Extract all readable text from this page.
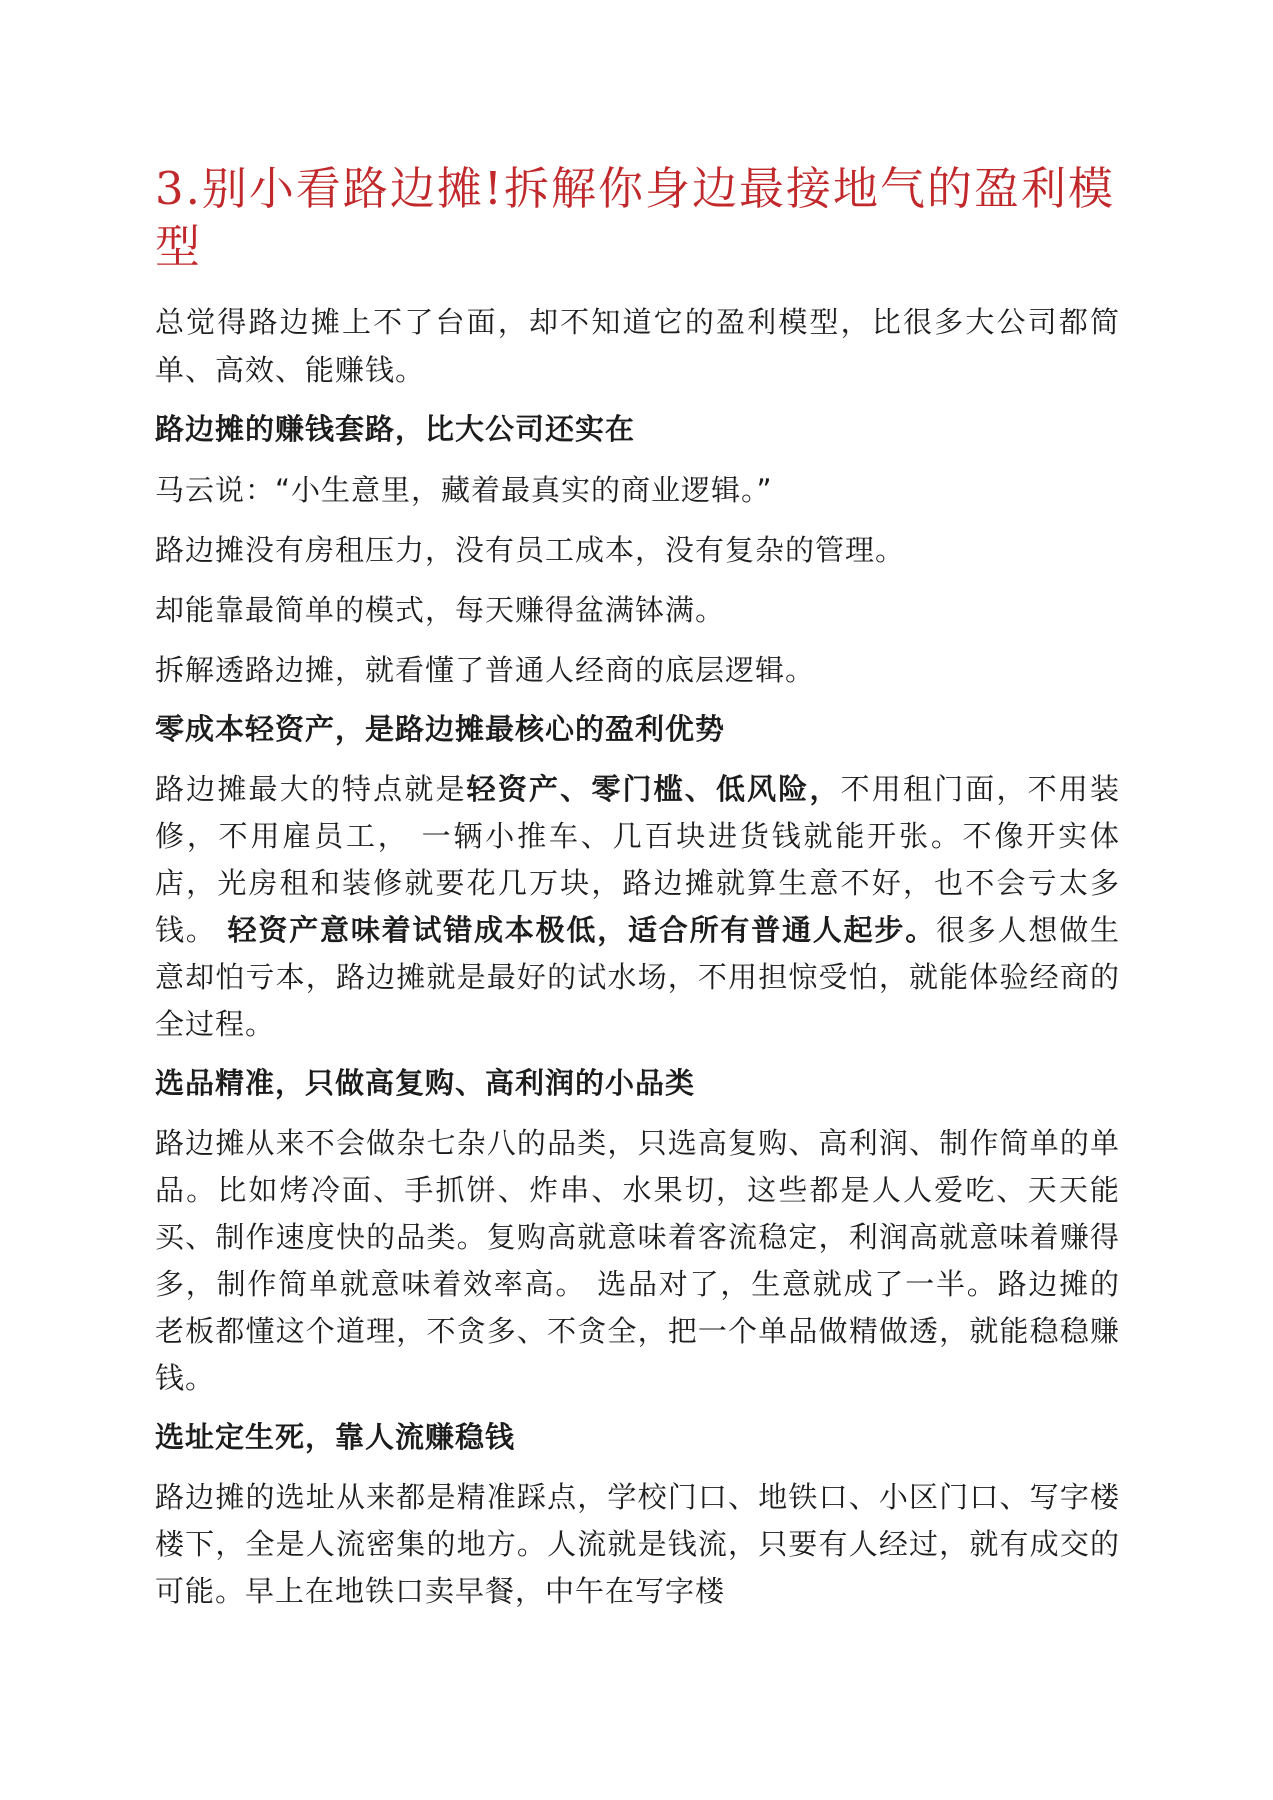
3.别小看路边摊!拆解你身边最接地气的盈利模型

总觉得路边摊上不了台面，却不知道它的盈利模型，比很多大公司都简单、高效、能赚钱。

路边摊的赚钱套路，比大公司还实在

马云说：“小生意里，藏着最真实的商业逻辑。”

路边摊没有房租压力，没有员工成本，没有复杂的管理。

却能靠最简单的模式，每天赚得盆满钵满。

拆解透路边摊，就看懂了普通人经商的底层逻辑。

零成本轻资产，是路边摊最核心的盈利优势

路边摊最大的特点就是轻资产、零门槛、低风险，不用租门面，不用装修，不用雇员工， 一辆小推车、几百块进货钱就能开张。不像开实体店，光房租和装修就要花几万块，路边摊就算生意不好，也不会亏太多钱。 轻资产意味着试错成本极低，适合所有普通人起步。很多人想做生意却怕亏本，路边摊就是最好的试水场，不用担惊受怕，就能体验经商的全过程。

选品精准，只做高复购、高利润的小品类

路边摊从来不会做杂七杂八的品类，只选高复购、高利润、制作简单的单品。比如烤冷面、手抓饼、炸串、水果切，这些都是人人爱吃、天天能买、制作速度快的品类。复购高就意味着客流稳定，利润高就意味着赚得多，制作简单就意味着效率高。 选品对了，生意就成了一半。路边摊的老板都懂这个道理，不贪多、不贪全，把一个单品做精做透，就能稳稳赚钱。

选址定生死，靠人流赚稳钱

路边摊的选址从来都是精准踩点，学校门口、地铁口、小区门口、写字楼楼下，全是人流密集的地方。人流就是钱流，只要有人经过，就有成交的可能。早上在地铁口卖早餐，中午在写字楼
